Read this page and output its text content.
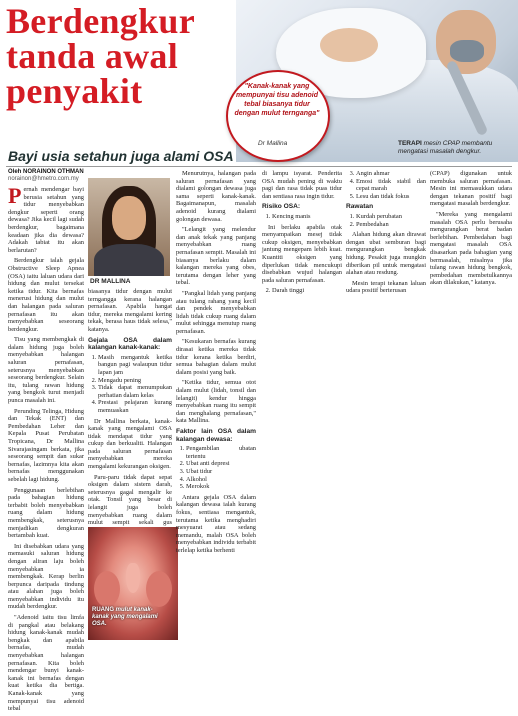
Berdengkur
tanda awal
penyakit	"Kanak-kanak yang mempunyai tisu adenoid tebal biasanya tidur dengan mulut ternganga"
Dr Mallina	TERAPI mesin CPAP membantu mengatasi masalah dengkur.
Bayi usia setahun juga alami OSA
Oleh NORAINON OTHMAN
norainon@hmetro.com.my

Pernah mendengar bayi berusia setahun yang tidur menyebabkan dengkur seperti orang dewasa? Jika kecil lagi sudah berdengkur, bagaimana keadaan jika dia dewasa? Adakah tabiat itu akan berlarutan?

Berdengkur ialah gejala Obstructive Sleep Apnea (OSA) iaitu laluan udara dari hidung dan mulut tersekat ketika tidur. Kita bernafas menerusi hidung dan mulut dan halangan pada saluran pernafasan itu akan menyebabkan seseorang berdengkur.

Tisu yang membengkak di dalam hidung juga boleh menyebabkan halangan saluran pernafasan, seterusnya menyebabkan seseorang berdengkur. Selain itu, tulang rawan hidung yang bengkok turut menjadi punca masalah ini.

Perunding Telinga, Hidung dan Tekak (ENT) dan Pembedahan Leher dan Kepala Pusat Perubatan Tropicana, Dr Mallina Sivarajasingam berkata, jika seseorang sempit dan sukar bernafas, lazimnya kita akan bernafas menggunakan sebelah lagi hidung.

Penggunaan berlebihan pada bahagian hidung terbabit boleh menyebabkan ruang dalam hidung membengkak, seterusnya menjadikan dengkuran bertambah kuat.

Ini disebabkan udara yang memasuki saluran hidung dengan aliran laju boleh menyebabkan ia membengkak. Kerap berlin berpunca daripada tindung atau alahan juga boleh menyebabkan individu itu mudah berdengkur.

"Adenoid iaitu tisu limfa di pangkal atau belakang hidung kanak-kanak mudah bengkak dan apabila bernafas, mudah menyebabkan halangan pernafasan. Kita boleh mendengar bunyi kanak-kanak ini bernafas dengan kuat ketika dia bertiga. Kanak-kanak yang mempunyai tisu adenoid tebal

DR MALLINA

biasanya tidur dengan mulut terngangga kerana halangan pernafasan. Apabila hangat tidur, mereka mengalami kering tekak, berasa haus tidak selesa," katanya.

Gejala OSA dalam kalangan kanak-kanak:
1. Masih mengantuk ketika bangun pagi walaupun tidur lapan jam
2. Mengadu pening
3. Tidak dapat menumpukan perhatian dalam kelas
4. Prestasi pelajaran kurang memuaskan

Dr Mallina berkata, kanak-kanak yang mengalami OSA tidak mendapat tidur yang cukup dan berkualiti. Halangan pada saluran pernafasan menyebabkan mereka mengalami kekurangan oksigen.

Paru-paru tidak dapat sepat oksigen dalam sistem darah, seterusnya gagal mengalir ke otak. Tonsil yang besar di lelangit juga boleh menyebabkan ruang dalam mulut sempit sekali gus

RUANG mulut kanak-kanak yang mengalami OSA.

Menurutnya, halangan pada saluran pernafasan yang dialami golongan dewasa juga sama seperti kanak-kanak. Bagaimanapun, masalah adenoid kurang dialami golongan dewasa.

"Lelangit yang melendur dan anak tekak yang panjang menyebabkan ruang pernafasan sempit. Masalah ini biasanya berlaku dalam kalangan mereka yang obes, terutama dengan leher yang tebal.

"Pangkal lidah yang panjang atau tulang rahang yang kecil dan pendek menyebabkan lidah tidak cukup ruang dalam mulut sehingga menutup ruang pernafasan.

"Kesukaran bernafas kurang dirasai ketika mereka tidak tidur kerana ketika berdiri, semua bahagian dalam mulut dalam posisi yang baik.

"Ketika tidur, semua otot dalam mulut (lidah, tonsil dan lelangit) kendur hingga menyebabkan ruang itu sempit dan menghalang pernafasan," kata Mallina.

Faktor lain OSA dalam kalangan dewasa:
1. Pengambilan ubatan tertentu
2. Ubat anti depresi
3. Ubat tidur
4. Alkohol
5. Merokok

Antara gejala OSA dalam kalangan dewasa ialah kurang fokus, sentiasa mengantuk, terutama ketika menghadiri mesyuarat atau sedang memandu, malah OSA boleh menyebabkan individu terbabit terlelap ketika berhenti

di lampu isyarat. Penderita OSA mudah pening di waktu pagi dan rasa tidak puas tidur dan sentiasa rasa ingin tidur.

Risiko OSA:
1. Kencing manis

Ini berlaku apabila otak menyampaikan mesej tidak cukup oksigen, menyebabkan jantung mengepam lebih kuat. Kuantiti oksigen yang diperlukan tidak mencukupi disebabkan wujud halangan pada saluran pernafasan.

2. Darah tinggi
3. Angin ahmar
4. Emosi tidak stabil dan cepat marah
5. Lesu dan tidak fokus
Rawatan
1. Kurdah perubatan
2. Pembedahan

Alahan hidung akan dirawat dengan ubat semburan bagi mengurangkan bengkak hidung. Pesakit juga mungkin diberikan pil untuk mengatasi alahan atau resdung.

Mesin terapi tekanan laluan udara positif berterusan

(CPAP) digunakan untuk membuka saluran pernafasan. Mesin ini memasukkan udara dengan tekanan positif bagi mengatasi masalah berdengkur.

"Mereka yang mengalami masalah OSA perlu berusaha mengurangkan berat badan berlebihan. Pembedahan bagi mengatasi masalah OSA disasarkan pada bahagian yang bermasalah, misalnya jika tulang rawan hidung bengkok, pembedahan membetulkannya akan dilakukan," katanya.
